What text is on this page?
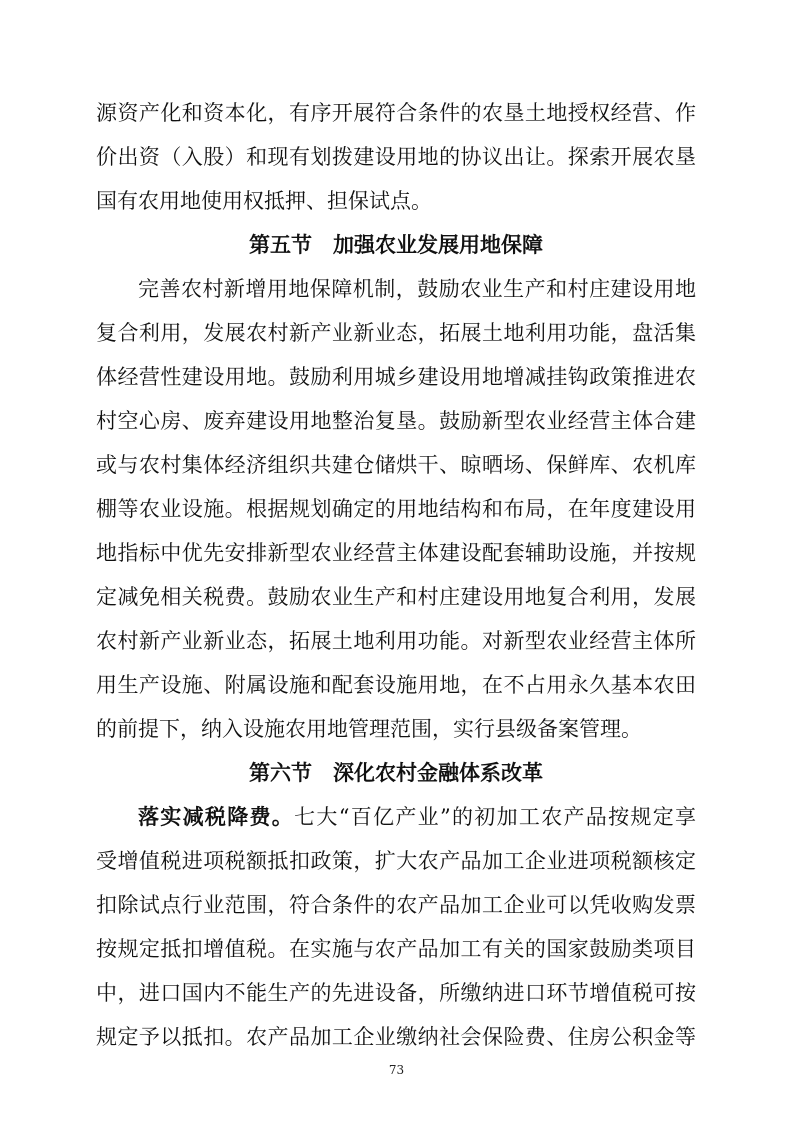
源资产化和资本化，有序开展符合条件的农垦土地授权经营、作
价出资（入股）和现有划拨建设用地的协议出让。探索开展农垦
国有农用地使用权抵押、担保试点。
第五节　加强农业发展用地保障
完善农村新增用地保障机制，鼓励农业生产和村庄建设用地
复合利用，发展农村新产业新业态，拓展土地利用功能，盘活集
体经营性建设用地。鼓励利用城乡建设用地增减挂钩政策推进农
村空心房、废弃建设用地整治复垦。鼓励新型农业经营主体合建
或与农村集体经济组织共建仓储烘干、晾晒场、保鲜库、农机库
棚等农业设施。根据规划确定的用地结构和布局，在年度建设用
地指标中优先安排新型农业经营主体建设配套辅助设施，并按规
定减免相关税费。鼓励农业生产和村庄建设用地复合利用，发展
农村新产业新业态，拓展土地利用功能。对新型农业经营主体所
用生产设施、附属设施和配套设施用地，在不占用永久基本农田
的前提下，纳入设施农用地管理范围，实行县级备案管理。
第六节　深化农村金融体系改革
落实减税降费。七大“百亿产业”的初加工农产品按规定享
受增值税进项税额抵扣政策，扩大农产品加工企业进项税额核定
扣除试点行业范围，符合条件的农产品加工企业可以凭收购发票
按规定抵扣增值税。在实施与农产品加工有关的国家鼓励类项目
中，进口国内不能生产的先进设备，所缴纳进口环节增值税可按
规定予以抵扣。农产品加工企业缴纳社会保险费、住房公积金等
73
